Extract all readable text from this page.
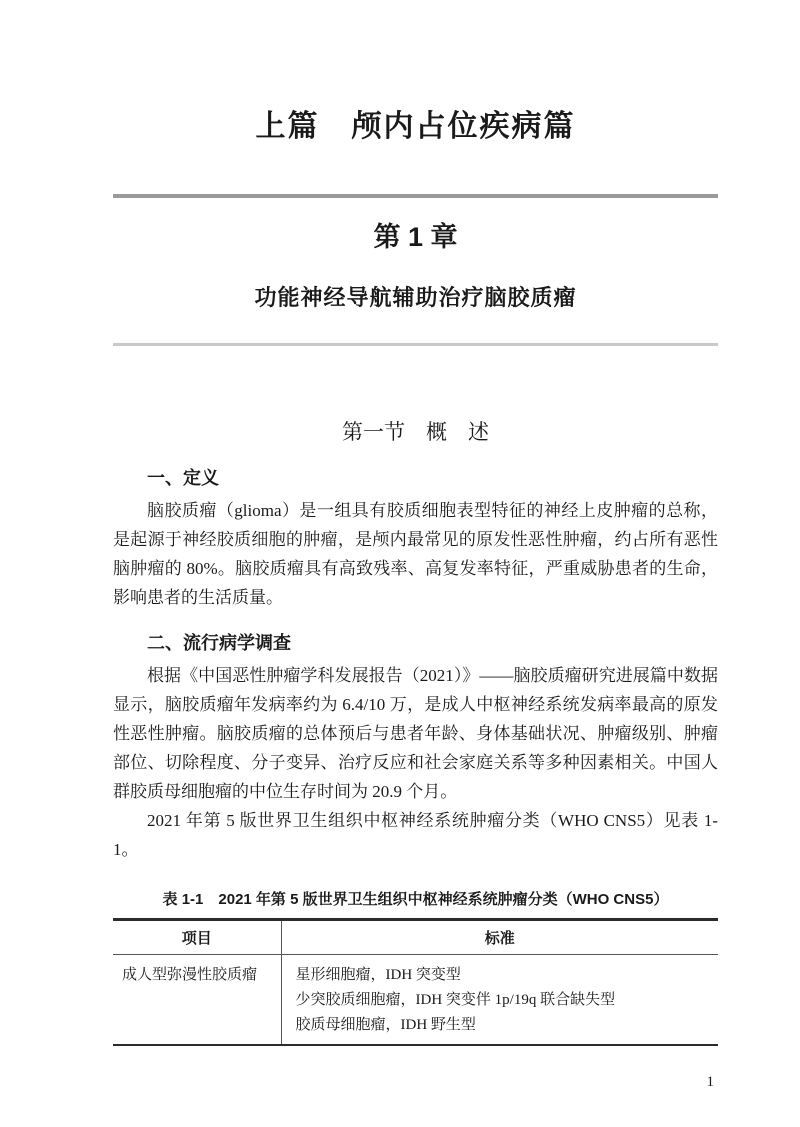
上篇　颅内占位疾病篇
第 1 章
功能神经导航辅助治疗脑胶质瘤
第一节　概　述
一、定义

脑胶质瘤（glioma）是一组具有胶质细胞表型特征的神经上皮肿瘤的总称，是起源于神经胶质细胞的肿瘤，是颅内最常见的原发性恶性肿瘤，约占所有恶性脑肿瘤的 80%。脑胶质瘤具有高致残率、高复发率特征，严重威胁患者的生命，影响患者的生活质量。

二、流行病学调查

根据《中国恶性肿瘤学科发展报告（2021）》——脑胶质瘤研究进展篇中数据显示，脑胶质瘤年发病率约为 6.4/10 万，是成人中枢神经系统发病率最高的原发性恶性肿瘤。脑胶质瘤的总体预后与患者年龄、身体基础状况、肿瘤级别、肿瘤部位、切除程度、分子变异、治疗反应和社会家庭关系等多种因素相关。中国人群胶质母细胞瘤的中位生存时间为 20.9 个月。

2021 年第 5 版世界卫生组织中枢神经系统肿瘤分类（WHO CNS5）见表 1-1。

表 1-1　2021 年第 5 版世界卫生组织中枢神经系统肿瘤分类（WHO CNS5）
项目	标准
成人型弥漫性胶质瘤	星形细胞瘤，IDH 突变型
少突胶质细胞瘤，IDH 突变伴 1p/19q 联合缺失型
胶质母细胞瘤，IDH 野生型
1
